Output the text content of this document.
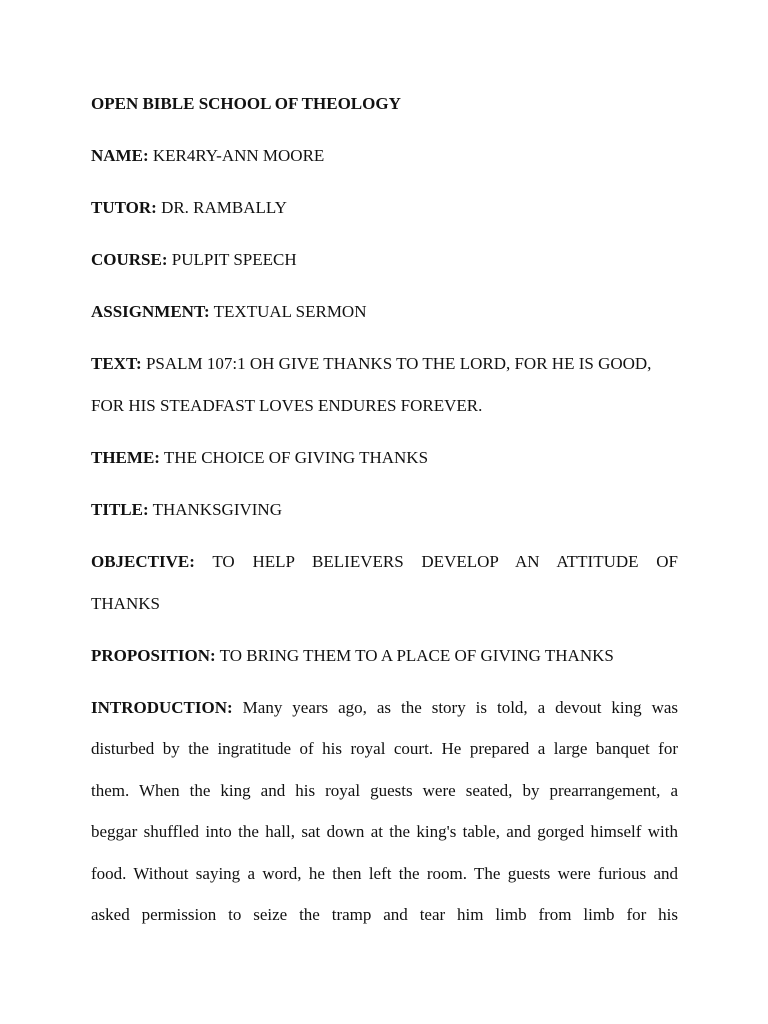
OPEN BIBLE SCHOOL OF THEOLOGY
NAME: KER4RY-ANN MOORE
TUTOR: DR. RAMBALLY
COURSE: PULPIT SPEECH
ASSIGNMENT: TEXTUAL SERMON
TEXT: PSALM 107:1 OH GIVE THANKS TO THE LORD, FOR HE IS GOOD,
FOR HIS STEADFAST LOVES ENDURES FOREVER.
THEME: THE CHOICE OF GIVING THANKS
TITLE: THANKSGIVING
OBJECTIVE: TO HELP BELIEVERS DEVELOP AN ATTITUDE OF
THANKS
PROPOSITION: TO BRING THEM TO A PLACE OF GIVING THANKS
INTRODUCTION: Many years ago, as the story is told, a devout king was
disturbed by the ingratitude of his royal court. He prepared a large banquet for
them. When the king and his royal guests were seated, by prearrangement, a
beggar shuffled into the hall, sat down at the king's table, and gorged himself with
food. Without saying a word, he then left the room. The guests were furious and
asked permission to seize the tramp and tear him limb from limb for his
